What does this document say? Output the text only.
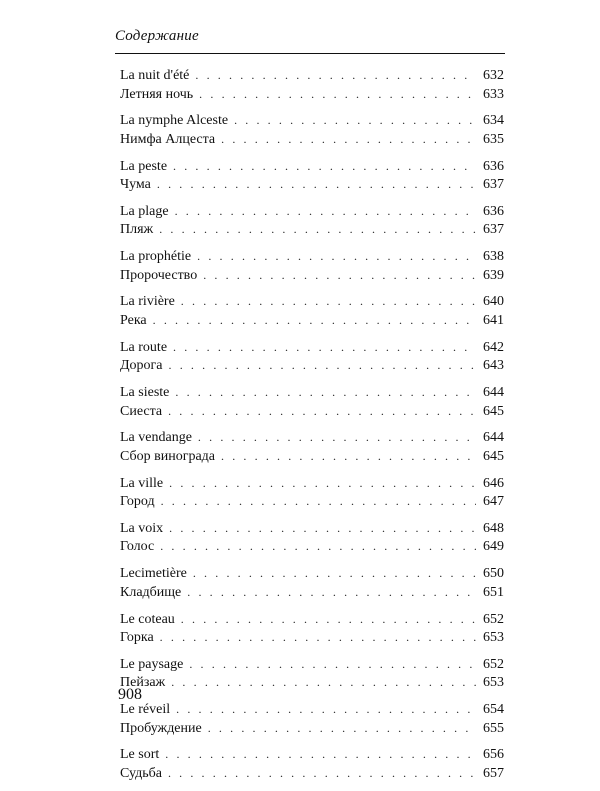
Содержание
La nuit d'été . . .	632
Летняя ночь . . .	633
La nymphe Alceste . . .	634
Нимфа Алцеста . . .	635
La peste . . .	636
Чума . . .	637
La plage . . .	636
Пляж . . .	637
La prophétie . . .	638
Пророчество . . .	639
La rivière . . .	640
Река . . .	641
La route . . .	642
Дорога . . .	643
La sieste . . .	644
Сиеста . . .	645
La vendange . . .	644
Сбор винограда . . .	645
La ville . . .	646
Город . . .	647
La voix . . .	648
Голос . . .	649
Lecimetière . . .	650
Кладбище . . .	651
Le coteau . . .	652
Горка . . .	653
Le paysage . . .	652
Пейзаж . . .	653
Le réveil . . .	654
Пробуждение . . .	655
Le sort . . .	656
Судьба . . .	657
908
